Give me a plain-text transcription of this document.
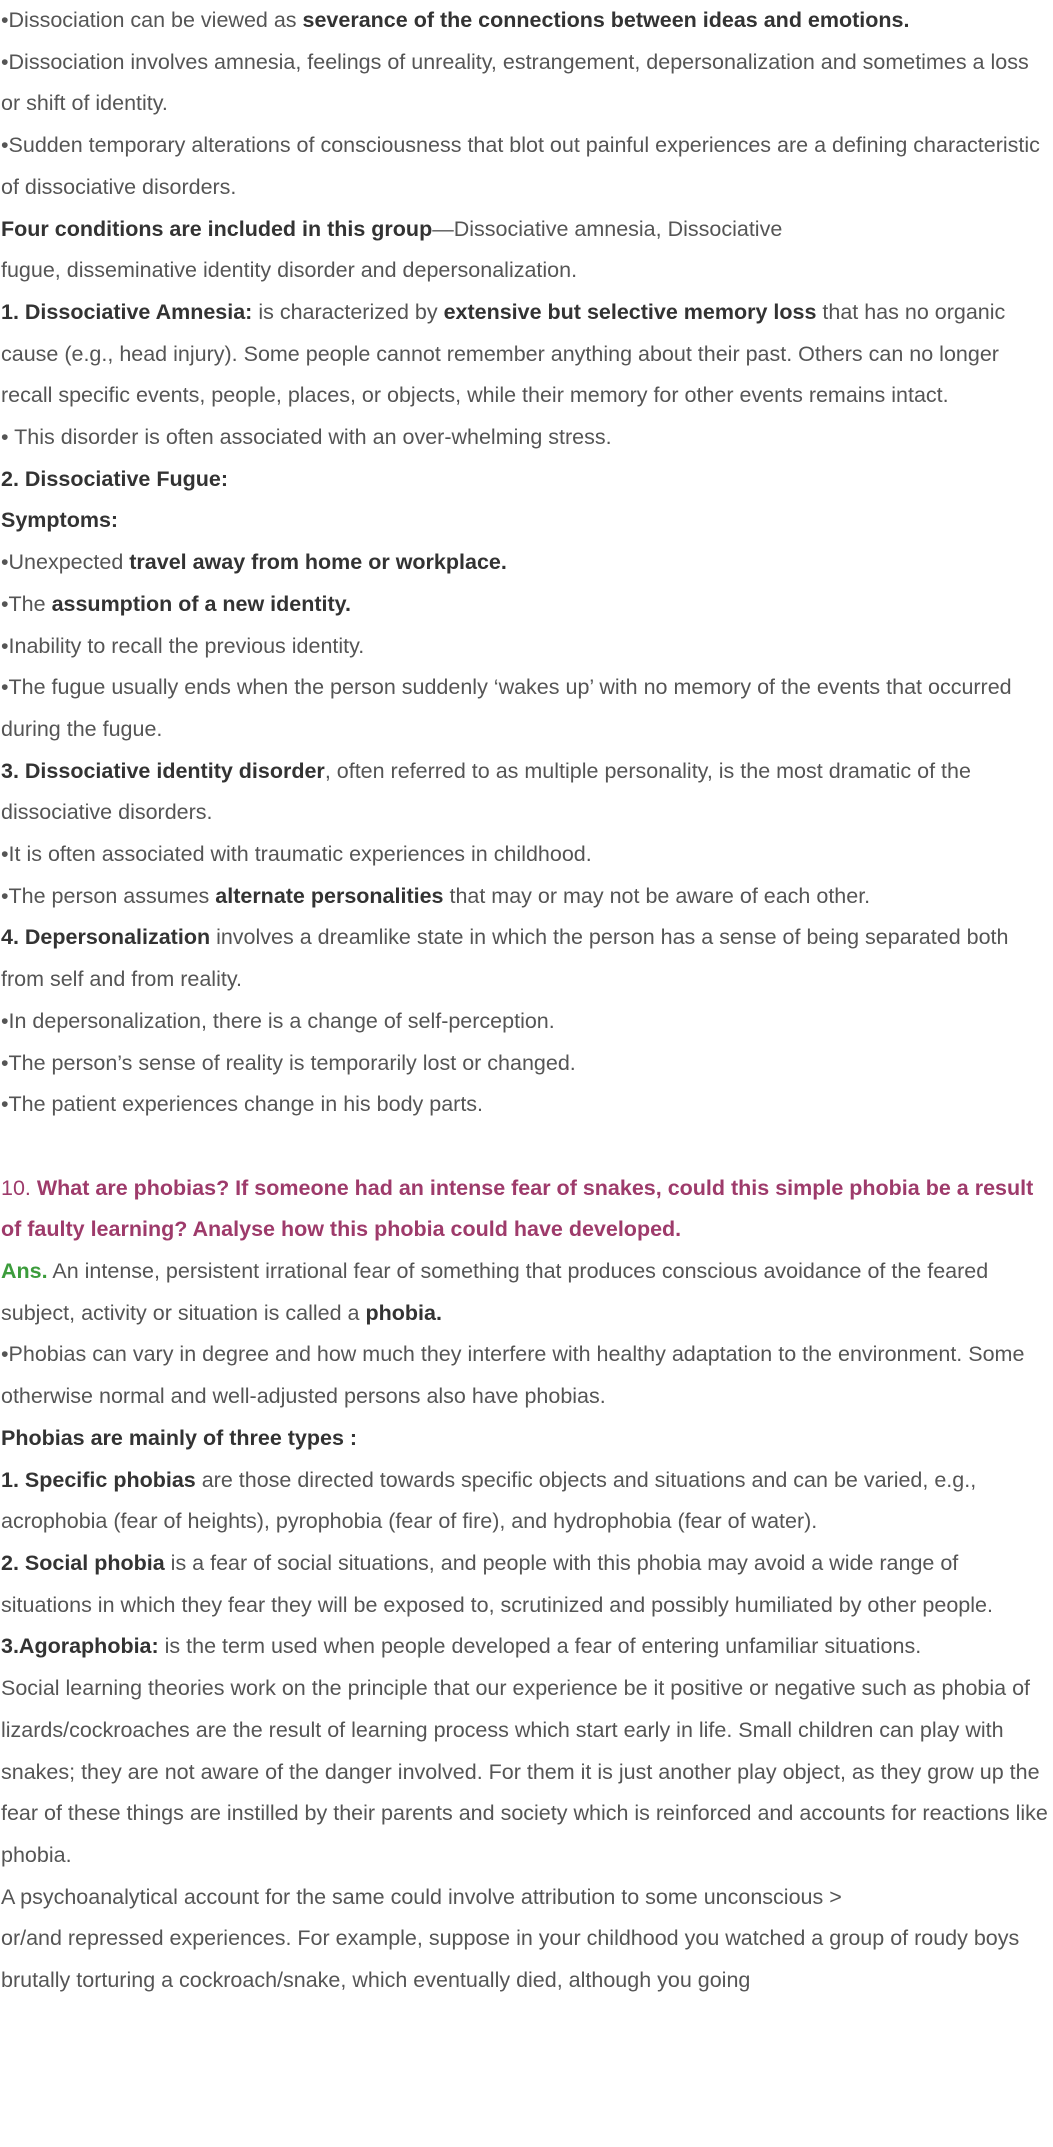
•Dissociation can be viewed as severance of the connections between ideas and emotions.

•Dissociation involves amnesia, feelings of unreality, estrangement, depersonalization and sometimes a loss or shift of identity.

•Sudden temporary alterations of consciousness that blot out painful experiences are a defining characteristic of dissociative disorders.

Four conditions are included in this group—Dissociative amnesia, Dissociative
fugue, disseminative identity disorder and depersonalization.

1. Dissociative Amnesia: is characterized by extensive but selective memory loss that has no organic cause (e.g., head injury). Some people cannot remember anything about their past. Others can no longer recall specific events, people, places, or objects, while their memory for other events remains intact.

• This disorder is often associated with an over-whelming stress.

2. Dissociative Fugue:

Symptoms:

•Unexpected travel away from home or workplace.

•The assumption of a new identity.

•Inability to recall the previous identity.

•The fugue usually ends when the person suddenly ‘wakes up’ with no memory of the events that occurred during the fugue.

3. Dissociative identity disorder, often referred to as multiple personality, is the most dramatic of the dissociative disorders.

•It is often associated with traumatic experiences in childhood.

•The person assumes alternate personalities that may or may not be aware of each other.

4. Depersonalization involves a dreamlike state in which the person has a sense of being separated both from self and from reality.

•In depersonalization, there is a change of self-perception.

•The person’s sense of reality is temporarily lost or changed.

•The patient experiences change in his body parts.

10. What are phobias? If someone had an intense fear of snakes, could this simple phobia be a result of faulty learning? Analyse how this phobia could have developed.

Ans. An intense, persistent irrational fear of something that produces conscious avoidance of the feared subject, activity or situation is called a phobia.

•Phobias can vary in degree and how much they interfere with healthy adaptation to the environment. Some otherwise normal and well-adjusted persons also have phobias.

Phobias are mainly of three types :

1. Specific phobias are those directed towards specific objects and situations and can be varied, e.g., acrophobia (fear of heights), pyrophobia (fear of fire), and hydrophobia (fear of water).

2. Social phobia is a fear of social situations, and people with this phobia may avoid a wide range of situations in which they fear they will be exposed to, scrutinized and possibly humiliated by other people.

3.Agoraphobia: is the term used when people developed a fear of entering unfamiliar situations.

Social learning theories work on the principle that our experience be it positive or negative such as phobia of lizards/cockroaches are the result of learning process which start early in life. Small children can play with snakes; they are not aware of the danger involved. For them it is just another play object, as they grow up the fear of these things are instilled by their parents and society which is reinforced and accounts for reactions like phobia.

A psychoanalytical account for the same could involve attribution to some unconscious >
or/and repressed experiences. For example, suppose in your childhood you watched a group of roudy boys brutally torturing a cockroach/snake, which eventually died, although you going
